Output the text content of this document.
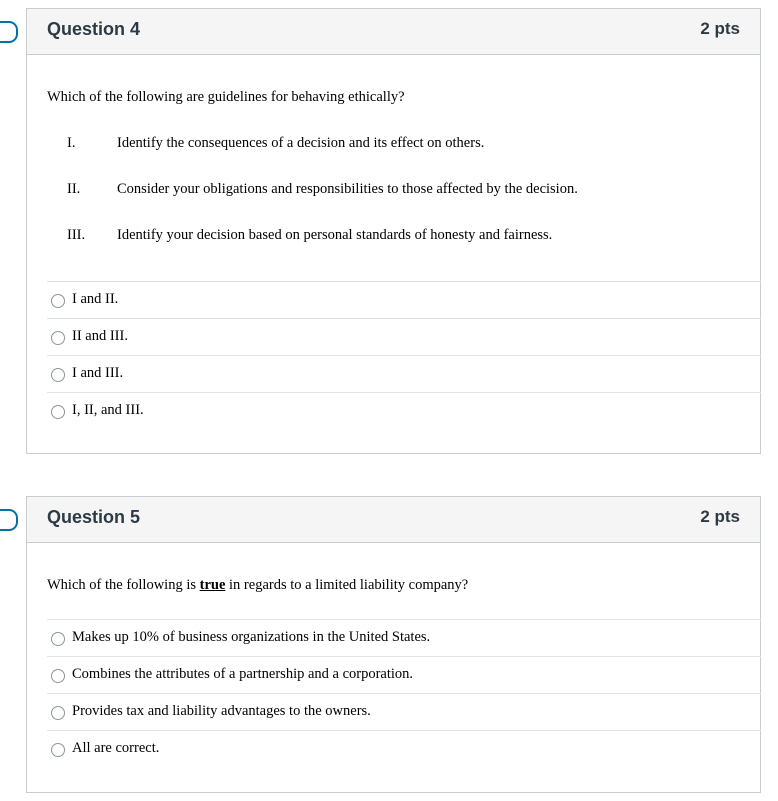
Question 4	2 pts
Which of the following are guidelines for behaving ethically?
I.	Identify the consequences of a decision and its effect on others.
II.	Consider your obligations and responsibilities to those affected by the decision.
III. Identify your decision based on personal standards of honesty and fairness.
I and II.
II and III.
I and III.
I, II, and III.
Question 5	2 pts
Which of the following is true in regards to a limited liability company?
Makes up 10% of business organizations in the United States.
Combines the attributes of a partnership and a corporation.
Provides tax and liability advantages to the owners.
All are correct.
